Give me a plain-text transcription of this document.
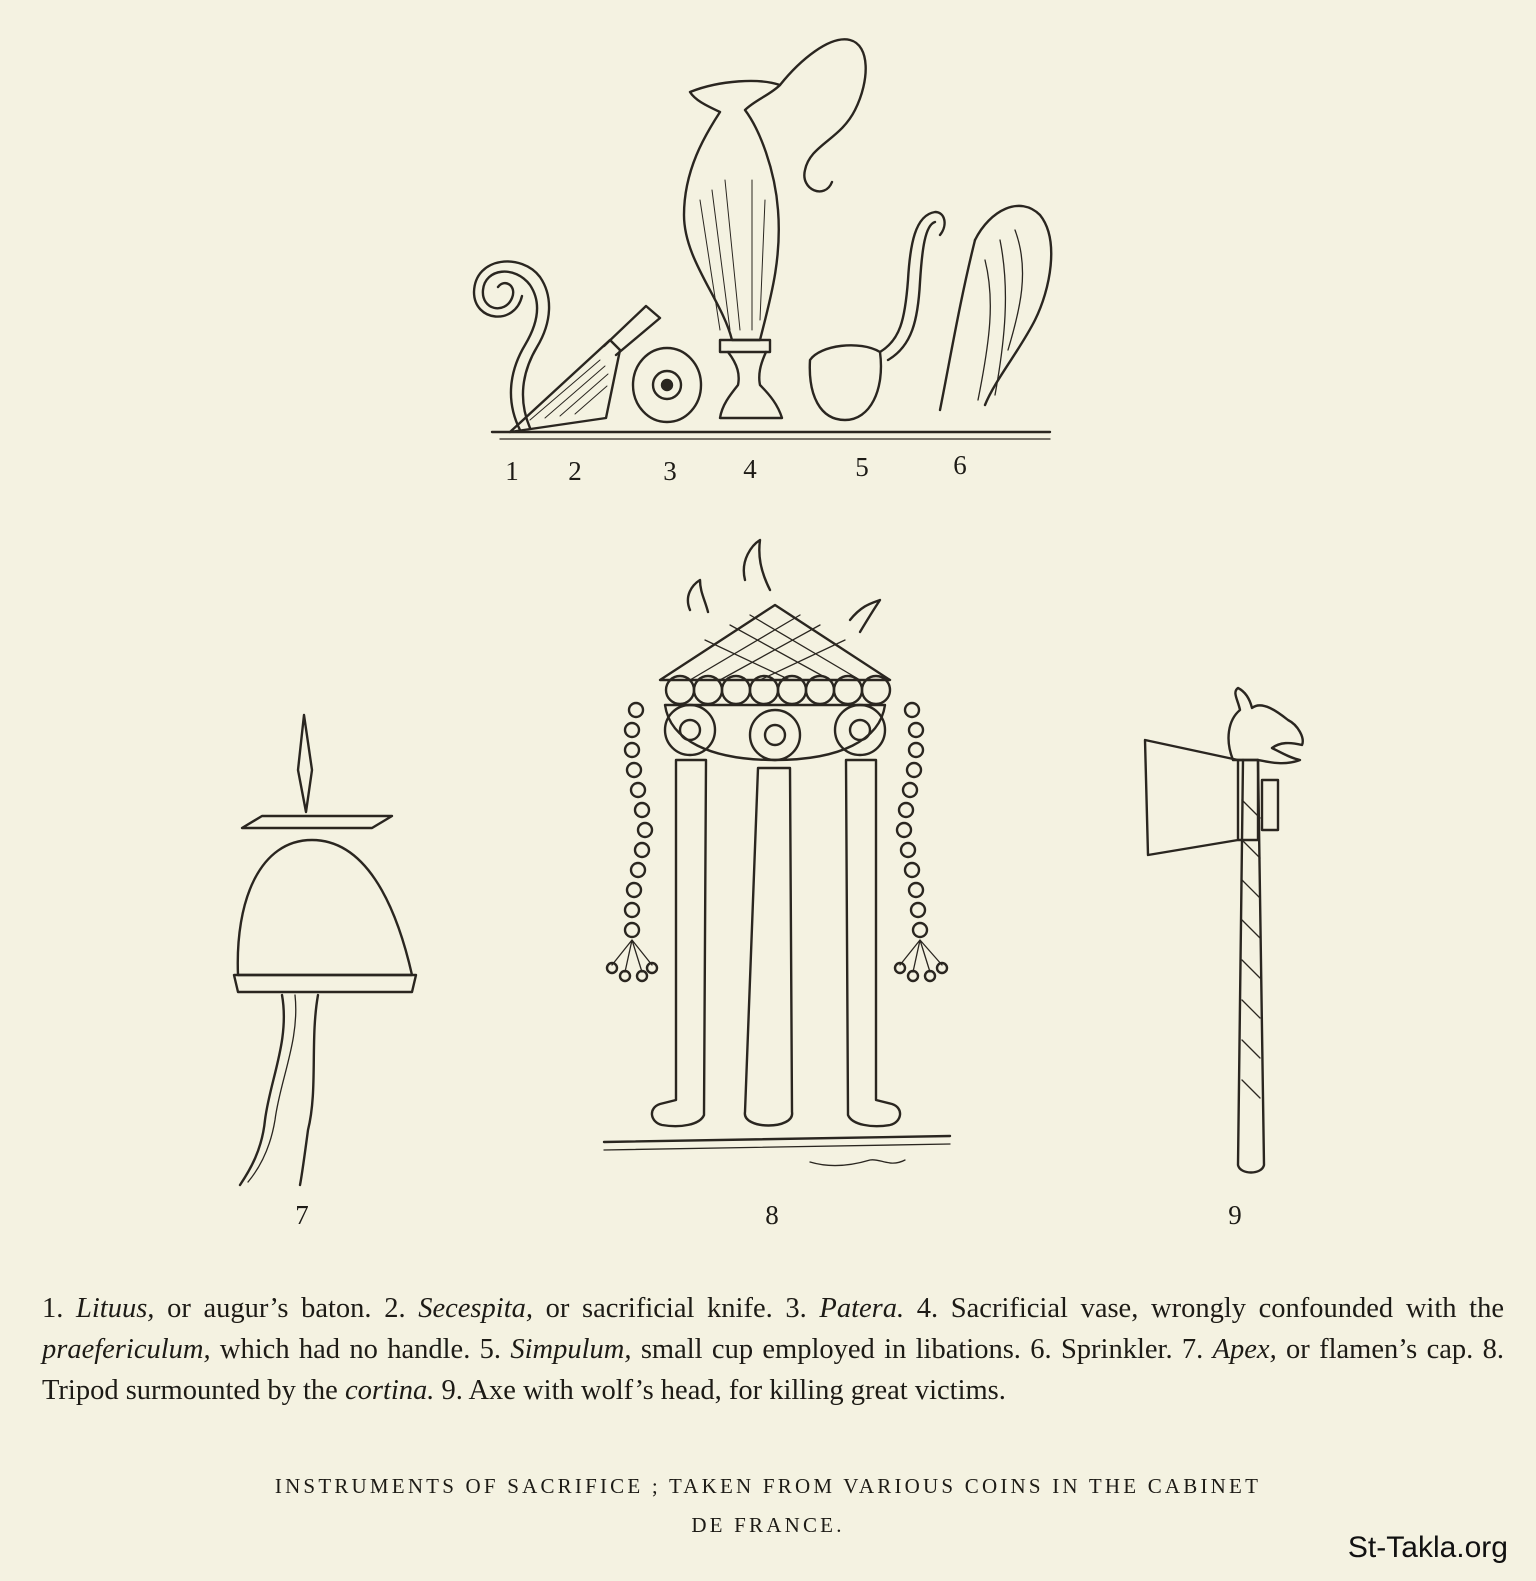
1	2	3	4	5	6
7	8	9
1. Lituus, or augur’s baton. 2. Secespita, or sacrificial knife. 3. Patera. 4. Sacrificial vase, wrongly confounded with the praefericulum, which had no handle. 5. Simpulum, small cup employed in libations. 6. Sprinkler. 7. Apex, or flamen’s cap. 8. Tripod surmounted by the cortina. 9. Axe with wolf’s head, for killing great victims.
INSTRUMENTS OF SACRIFICE ; TAKEN FROM VARIOUS COINS IN THE CABINET
DE FRANCE.
St-Takla.org
